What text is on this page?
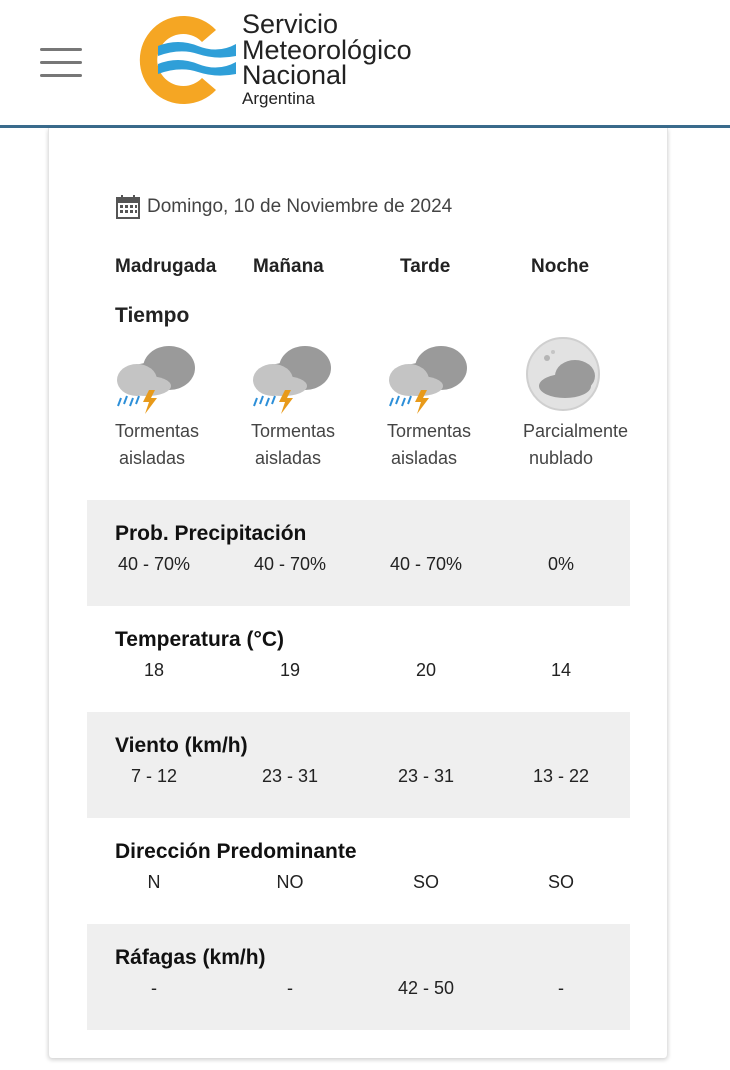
Servicio
Meteorológico
Nacional
Argentina
Domingo, 10 de Noviembre de 2024
Madrugada Mañana	Tarde	Noche
Tiempo
Tormentas
aisladas
Tormentas
aisladas
Tormentas
aisladas
Parcialmente
nublado
Prob. Precipitación
40 - 70%	40 - 70%	40 - 70%	0%
Temperatura (°C)
18	19	20	14
Viento (km/h)
7 - 12	23 - 31	23 - 31	13 - 22
Dirección Predominante
N	NO	SO	SO
Ráfagas (km/h)
-	-	42 - 50	-
